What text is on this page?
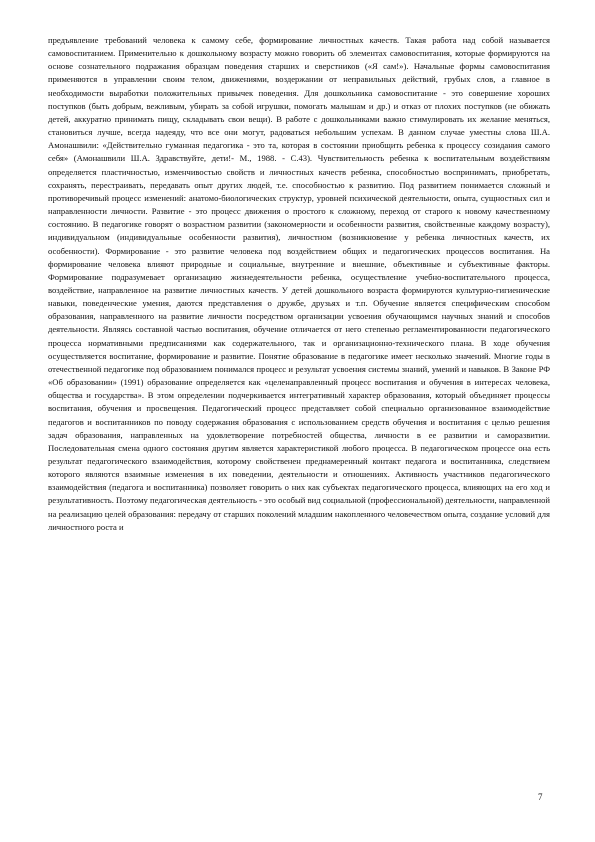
предъявление требований человека к самому себе, формирование личностных качеств. Такая работа над собой называется самовоспитанием. Применительно к дошкольному возрасту можно говорить об элементах самовоспитания, которые формируются на основе сознательного подражания образцам поведения старших и сверстников («Я сам!»). Начальные формы самовоспитания применяются в управлении своим телом, движениями, воздержании от неправильных действий, грубых слов, а главное в необходимости выработки положительных привычек поведения. Для дошкольника самовоспитание - это совершение хороших поступков (быть добрым, вежливым, убирать за собой игрушки, помогать малышам и др.) и отказ от плохих поступков (не обижать детей, аккуратно принимать пищу, складывать свои вещи). В работе с дошкольниками важно стимулировать их желание меняться, становиться лучше, всегда надеяду, что все они могут, радоваться небольшим успехам. В данном случае уместны слова Ш.А. Амонашвили: «Действительно гуманная педагогика - это та, которая в состоянии приобщить ребенка к процессу созидания самого себя» (Амонашвили Ш.А. Здравствуйте, дети!- М., 1988. - С.43). Чувствительность ребенка к воспитательным воздействиям определяется пластичностью, изменчивостью свойств и личностных качеств ребенка, способностью воспринимать, приобретать, сохранять, перестраивать, передавать опыт других людей, т.е. способностью к развитию. Под развитием понимается сложный и противоречивый процесс изменений: анатомо-биологических структур, уровней психической деятельности, опыта, сущностных сил и направленности личности. Развитие - это процесс движения о простого к сложному, переход от старого к новому качественному состоянию. В педагогике говорят о возрастном развитии (закономерности и особенности развития, свойственные каждому возрасту), индивидуальном (индивидуальные особенности развития), личностном (возникновение у ребенка личностных качеств, их особенности). Формирование - это развитие человека под воздействием общих и педагогических процессов воспитания. На формирование человека влияют природные и социальные, внутренние и внешние, объективные и субъективные факторы. Формирование подразумевает организацию жизнедеятельности ребенка, осуществление учебно-воспитательного процесса, воздействие, направленное на развитие личностных качеств. У детей дошкольного возраста формируются культурно-гигиенические навыки, поведенческие умения, даются представления о дружбе, друзьях и т.п. Обучение является специфическим способом образования, направленного на развитие личности посредством организации усвоения обучающимся научных знаний и способов деятельности. Являясь составной частью воспитания, обучение отличается от него степенью регламентированности педагогического процесса нормативными предписаниями как содержательного, так и организационно-технического плана. В ходе обучения осуществляется воспитание, формирование и развитие. Понятие образование в педагогике имеет несколько значений. Многие годы в отечественной педагогике под образованием понимался процесс и результат усвоения системы знаний, умений и навыков. В Законе РФ «Об образовании» (1991) образование определяется как «целенаправленный процесс воспитания и обучения в интересах человека, общества и государства». В этом определении подчеркивается интегративный характер образования, который объединяет процессы воспитания, обучения и просвещения. Педагогический процесс представляет собой специально организованное взаимодействие педагогов и воспитанников по поводу содержания образования с использованием средств обучения и воспитания с целью решения задач образования, направленных на удовлетворение потребностей общества, личности в ее развитии и саморазвитии. Последовательная смена одного состояния другим является характеристикой любого процесса. В педагогическом процессе она есть результат педагогического взаимодействия, которому свойственен преднамеренный контакт педагога и воспитанника, следствием которого являются взаимные изменения в их поведении, деятельности и отношениях. Активность участников педагогического взаимодействия (педагога и воспитанника) позволяет говорить о них как субъектах педагогического процесса, влияющих на его ход и результативность. Поэтому педагогическая деятельность - это особый вид социальной (профессиональной) деятельности, направленной на реализацию целей образования: передачу от старших поколений младшим накопленного человечеством опыта, создание условий для личностного роста и

7
